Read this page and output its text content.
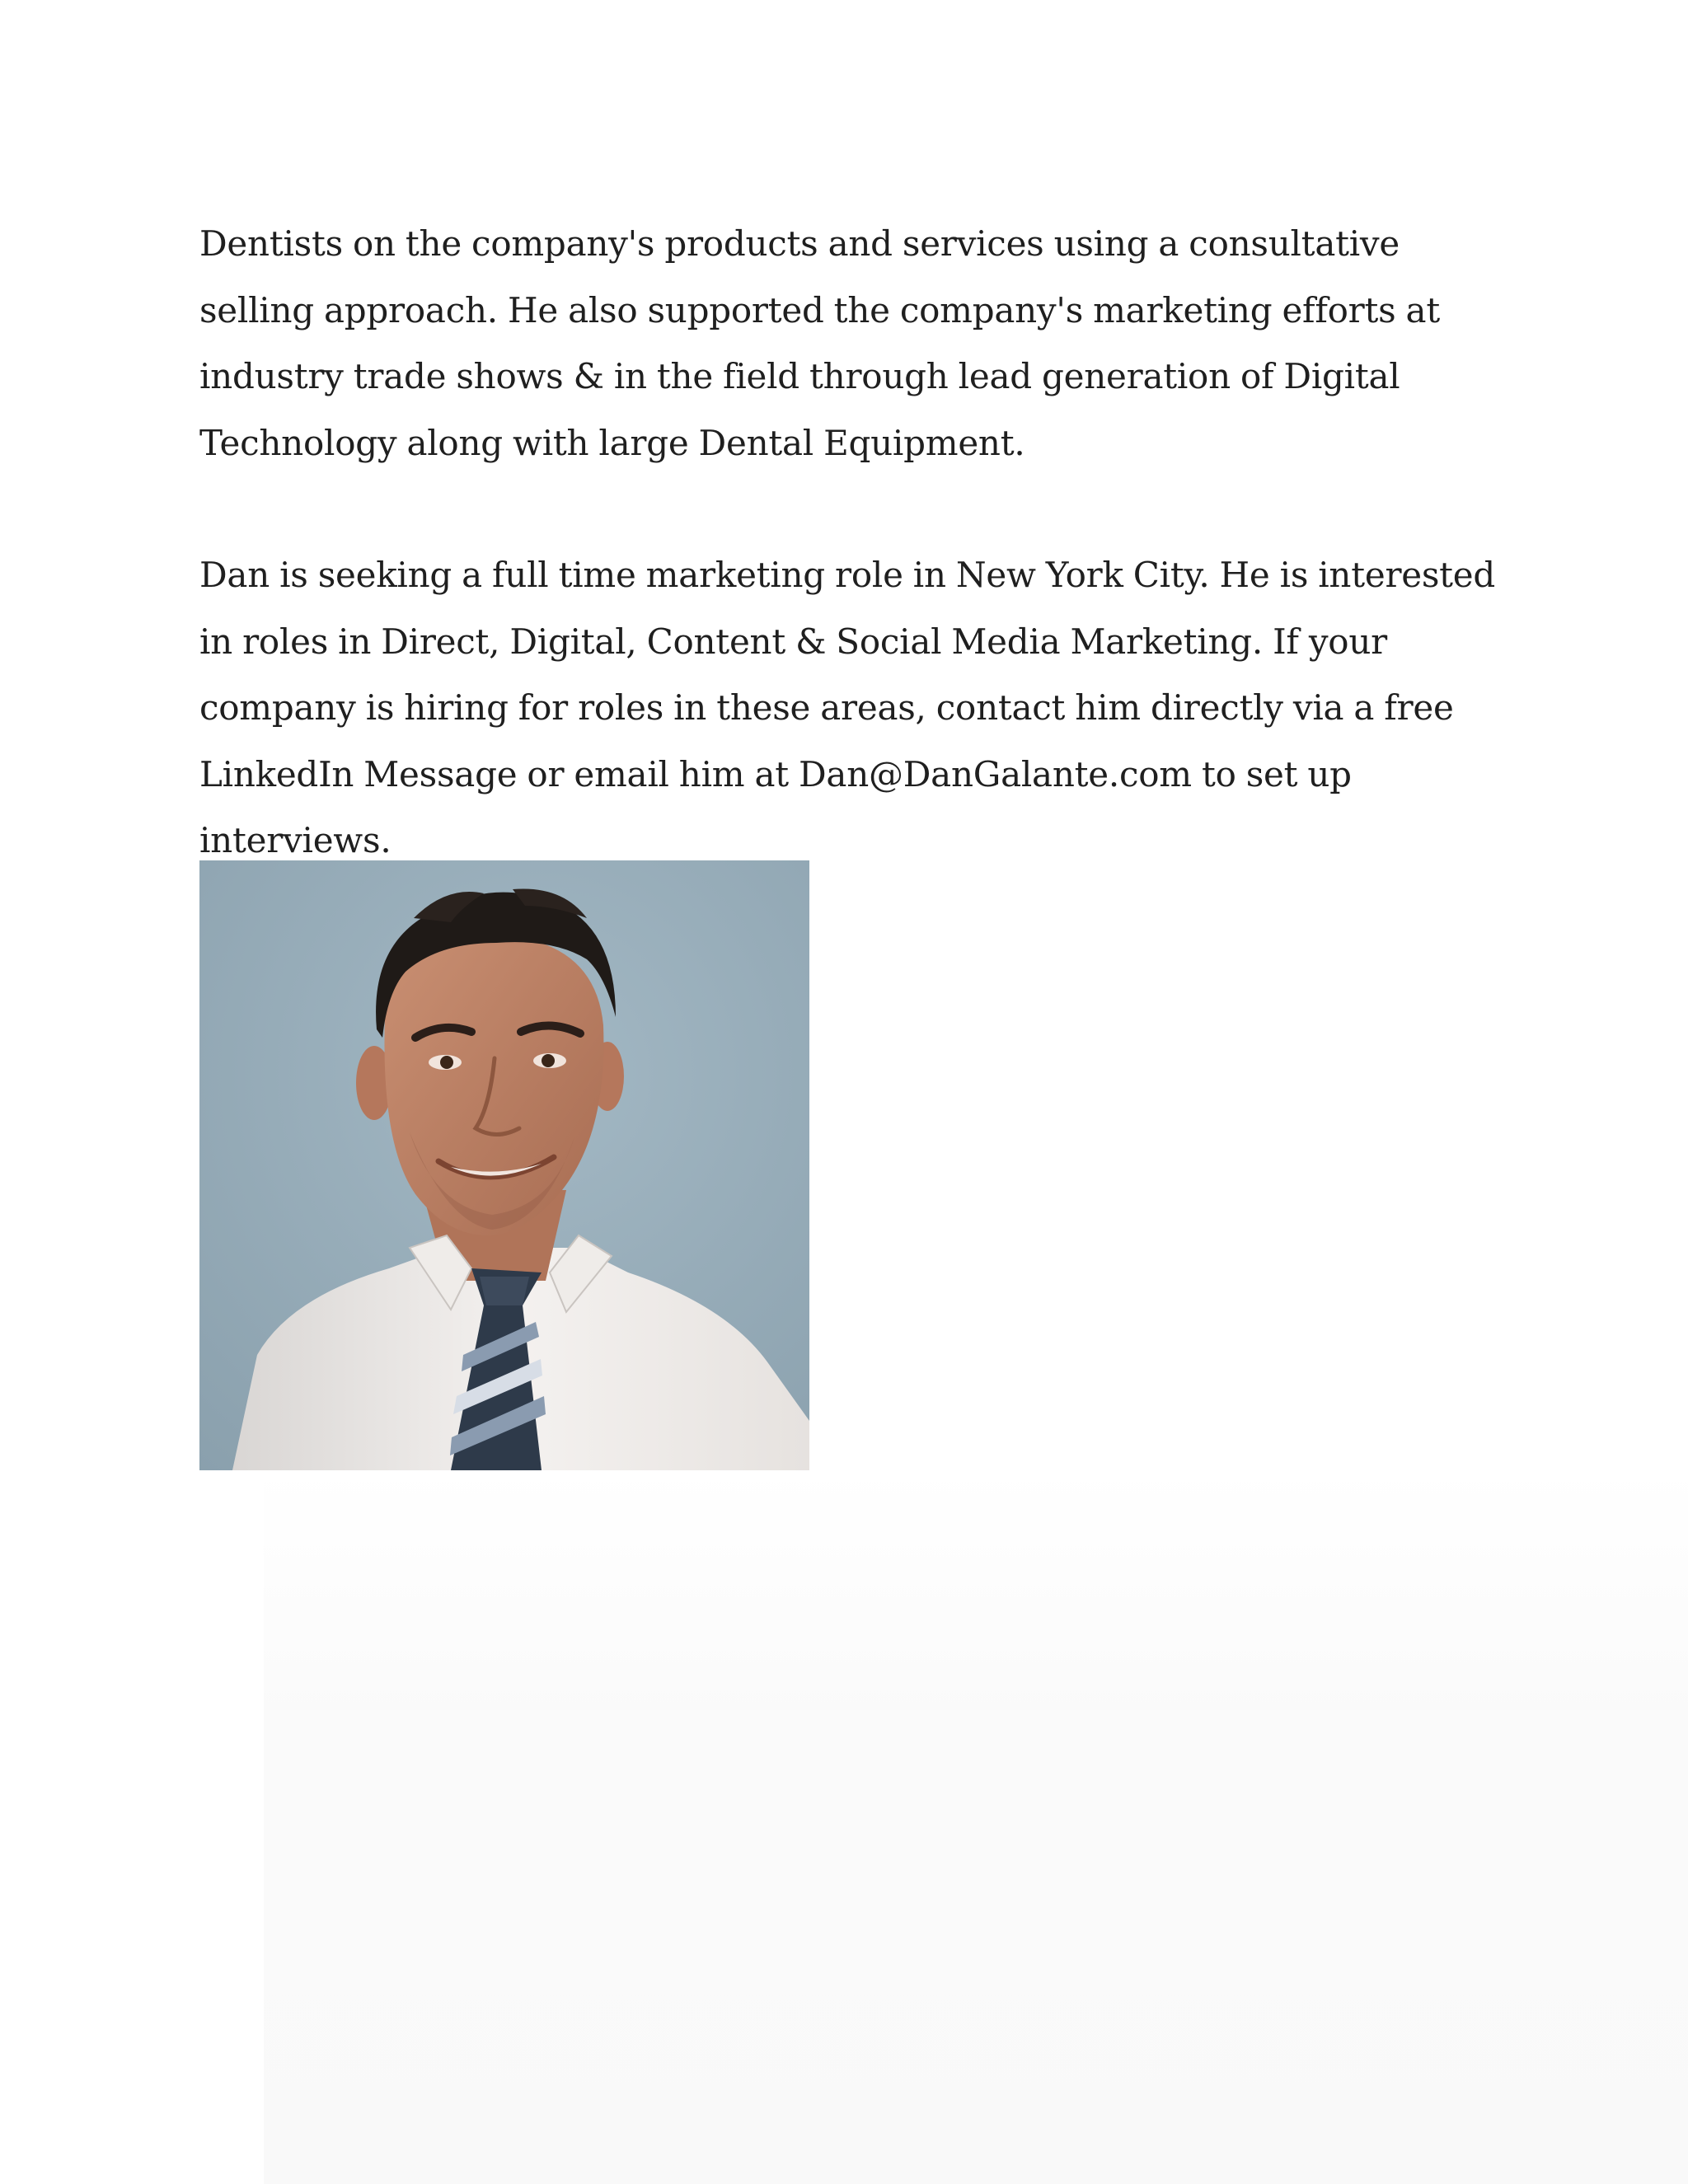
Dentists on the company's products and services using a consultative selling approach. He also supported the company's marketing efforts at industry trade shows & in the field through lead generation of Digital Technology along with large Dental Equipment.

Dan is seeking a full time marketing role in New York City. He is interested in roles in Direct, Digital, Content & Social Media Marketing. If your company is hiring for roles in these areas, contact him directly via a free LinkedIn Message or email him at Dan@DanGalante.com to set up interviews.
